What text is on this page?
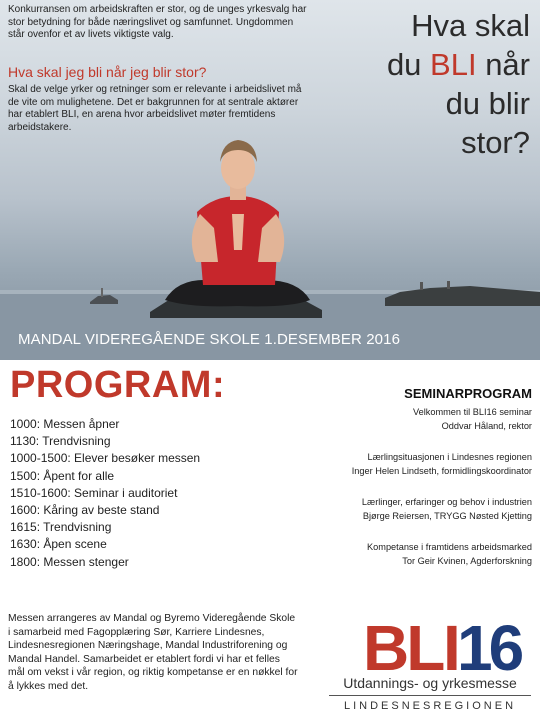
Konkurransen om arbeidskraften er stor, og de unges yrkesvalg har stor betydning for både næringslivet og samfunnet. Ungdommen står ovenfor et av livets viktigste valg.
Hva skal jeg bli når jeg blir stor?
Skal de velge yrker og retninger som er relevante i arbeidslivet må de vite om mulighetene. Det er bakgrunnen for at sentrale aktører har etablert BLI, en arena hvor arbeidslivet møter fremtidens arbeidstakere.
Hva skal
du BLI når
du blir
stor?
MANDAL VIDEREGÅENDE SKOLE 1.DESEMBER 2016
PROGRAM:
1000: Messen åpner
1130: Trendvisning
1000-1500: Elever besøker messen
1500: Åpent for alle
1510-1600: Seminar i auditoriet
1600: Kåring av beste stand
1615: Trendvisning
1630: Åpen scene
1800: Messen stenger
SEMINARPROGRAM
Velkommen til BLI16 seminar
Oddvar Håland, rektor
Lærlingsituasjonen i Lindesnes regionen
Inger Helen Lindseth, formidlingskoordinator
Lærlinger, erfaringer og behov i industrien
Bjørge Reiersen, TRYGG Nøsted Kjetting
Kompetanse i framtidens arbeidsmarked
Tor Geir Kvinen, Agderforskning
Messen arrangeres av Mandal og Byremo Videregående Skole i samarbeid med Fagopplæring Sør, Karriere Lindesnes, Lindesnesregionen Næringshage, Mandal Industriforening og Mandal Handel. Samarbeidet er etablert fordi vi har et felles mål om vekst i vår region, og riktig kompetanse er en nøkkel for å lykkes med det.
BL I
16
Utdannings- og yrkesmesse
LINDESNESREGIONEN
